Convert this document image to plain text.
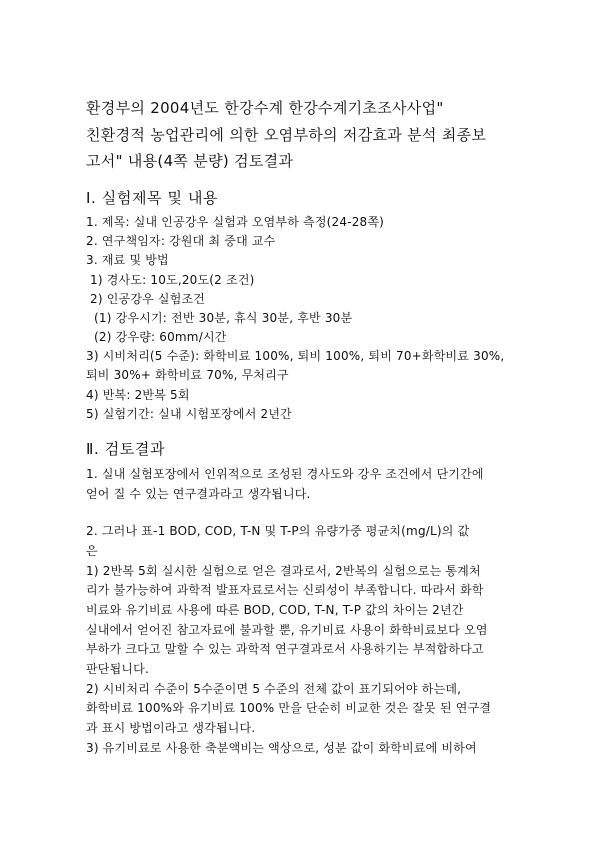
환경부의 2004년도 한강수계 한강수계기초조사사업"
친환경적 농업관리에 의한 오염부하의 저감효과 분석 최종보
고서" 내용(4쪽 분량) 검토결과
Ⅰ. 실험제목 및 내용
1. 제목: 실내 인공강우 실험과 오염부하 측정(24-28쪽)
2. 연구책임자: 강원대 최 중대 교수
3. 재료 및 방법
1) 경사도: 10도,20도(2 조건)
2) 인공강우 실험조건
(1) 강우시기: 전반 30분, 휴식 30분, 후반 30분
(2) 강우량: 60mm/시간
3) 시비처리(5 수준): 화학비료 100%, 퇴비 100%, 퇴비 70+화학비료 30%,
퇴비 30%+ 화학비료 70%, 무처리구
4) 반복: 2반복 5회
5) 실험기간: 실내 시험포장에서 2년간
Ⅱ. 검토결과
1. 실내 실험포장에서 인위적으로 조성된 경사도와 강우 조건에서 단기간에
얻어 질 수 있는 연구결과라고 생각됩니다.
2. 그러나 표-1 BOD, COD, T-N 및 T-P의 유량가중 평균치(mg/L)의 값
은
1) 2반복 5회 실시한 실험으로 얻은 결과로서, 2반복의 실험으로는 통계처
리가 불가능하여 과학적 발표자료로서는 신뢰성이 부족합니다. 따라서 화학
비료와 유기비료 사용에 따른 BOD, COD, T-N, T-P 값의 차이는 2년간
실내에서 얻어진 참고자료에 불과할 뿐, 유기비료 사용이 화학비료보다 오염
부하가 크다고 말할 수 있는 과학적 연구결과로서 사용하기는 부적합하다고
판단됩니다.
2) 시비처리 수준이 5수준이면 5 수준의 전체 값이 표기되어야 하는데,
화학비료 100%와 유기비료 100% 만을 단순히 비교한 것은 잘못 된 연구결
과 표시 방법이라고 생각됩니다.
3) 유기비료로 사용한 축분액비는 액상으로, 성분 값이 화학비료에 비하여
